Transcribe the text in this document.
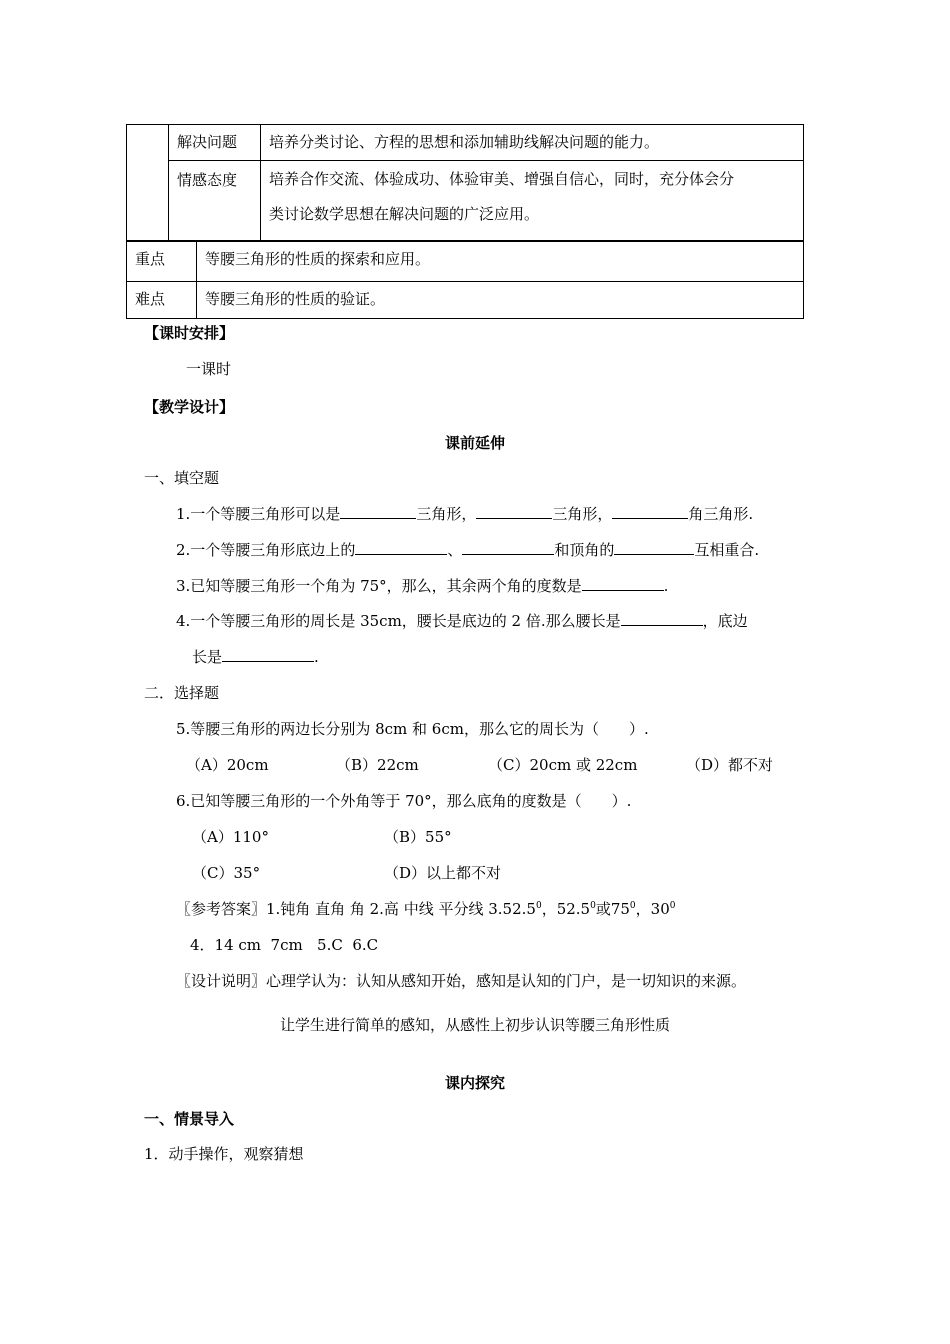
	解决问题	培养分类讨论、方程的思想和添加辅助线解决问题的能力。
	情感态度	培养合作交流、体验成功、体验审美、增强自信心，同时，充分体会分
类讨论数学思想在解决问题的广泛应用。
重点	等腰三角形的性质的探索和应用。
难点	等腰三角形的性质的验证。
【课时安排】
一课时
【教学设计】
课前延伸
一、填空题
1.一个等腰三角形可以是	三角形，	三角形，	角三角形.
2.一个等腰三角形底边上的	、	和顶角的	互相重合.
3.已知等腰三角形一个角为 75°，那么，其余两个角的度数是	.
4.一个等腰三角形的周长是 35cm，腰长是底边的 2 倍.那么腰长是	，底边
长是	.
二．选择题
5.等腰三角形的两边长分别为 8cm 和 6cm，那么它的周长为（　　）.
（A）20cm	（B）22cm	（C）20cm 或 22cm	（D）都不对
6.已知等腰三角形的一个外角等于 70°，那么底角的度数是（　　）.
（A）110°	（B）55°
（C）35°	（D）以上都不对
〖参考答案〗1.钝角 直角 角 2.高 中线 平分线 3.52.5$^0$，52.5$^0$或$75^0$，$30^0$
4．14 cm  7cm   5.C  6.C
〖设计说明〗心理学认为：认知从感知开始，感知是认知的门户，是一切知识的来源。
让学生进行简单的感知，从感性上初步认识等腰三角形性质
课内探究
一、情景导入
1．动手操作，观察猜想
